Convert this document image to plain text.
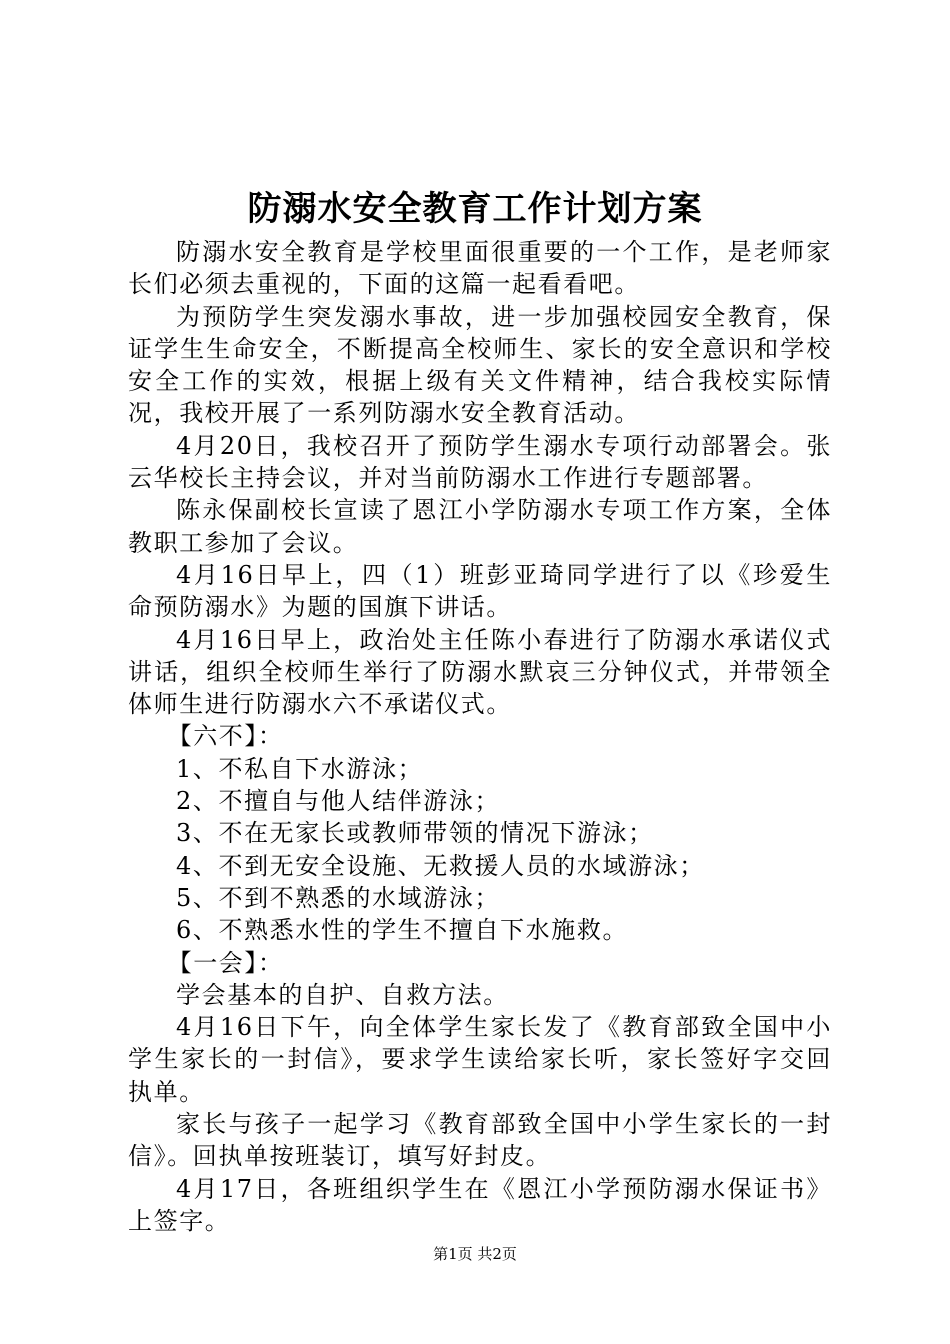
防溺水安全教育工作计划方案

防溺水安全教育是学校里面很重要的一个工作，是老师家长们必须去重视的，下面的这篇一起看看吧。

为预防学生突发溺水事故，进一步加强校园安全教育，保证学生生命安全，不断提高全校师生、家长的安全意识和学校安全工作的实效，根据上级有关文件精神，结合我校实际情况，我校开展了一系列防溺水安全教育活动。

4月20日，我校召开了预防学生溺水专项行动部署会。张云华校长主持会议，并对当前防溺水工作进行专题部署。

陈永保副校长宣读了恩江小学防溺水专项工作方案，全体教职工参加了会议。

4月16日早上，四（1）班彭亚琦同学进行了以《珍爱生命预防溺水》为题的国旗下讲话。

4月16日早上，政治处主任陈小春进行了防溺水承诺仪式讲话，组织全校师生举行了防溺水默哀三分钟仪式，并带领全体师生进行防溺水六不承诺仪式。

【六不】：

1、不私自下水游泳；

2、不擅自与他人结伴游泳；

3、不在无家长或教师带领的情况下游泳；

4、不到无安全设施、无救援人员的水域游泳；

5、不到不熟悉的水域游泳；

6、不熟悉水性的学生不擅自下水施救。

【一会】：

学会基本的自护、自救方法。

4月16日下午，向全体学生家长发了《教育部致全国中小学生家长的一封信》，要求学生读给家长听，家长签好字交回执单。

家长与孩子一起学习《教育部致全国中小学生家长的一封信》。回执单按班装订，填写好封皮。

4月17日，各班组织学生在《恩江小学预防溺水保证书》上签字。

第1页 共2页
